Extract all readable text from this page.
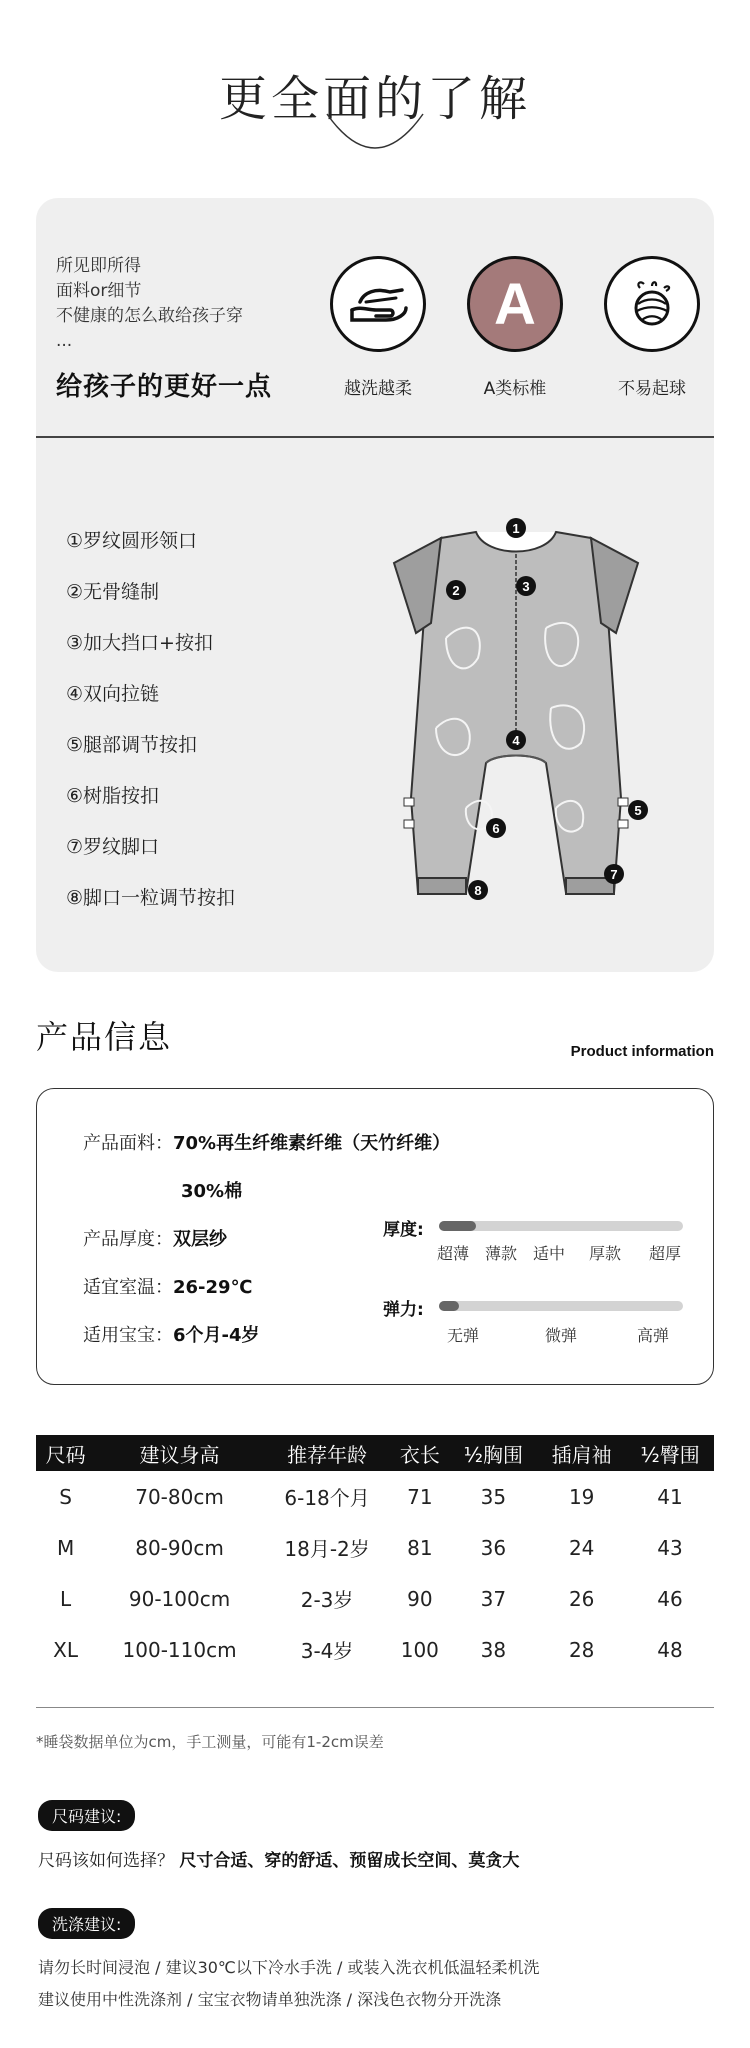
更全面的了解
所见即所得
面料or细节
不健康的怎么敢给孩子穿
...
给孩子的更好一点	越洗越柔
A
A类标椎	不易起球
①罗纹圆形领口
②无骨缝制
③加大挡口+按扣
④双向拉链
⑤腿部调节按扣
⑥树脂按扣
⑦罗纹脚口
⑧脚口一粒调节按扣
1
2	3
4
5
6
7
8
产品信息	Product information
产品面料：70%再生纤维素纤维（天竹纤维）
30%棉
产品厚度：双层纱
适宜室温：26-29℃
适用宝宝：6个月-4岁
厚度:
超薄 薄款 适中 厚款 超厚
弹力:
无弹	微弹	高弹
尺码	建议身高	推荐年龄	衣长	½胸围	插肩袖	½臀围
S	70-80cm	6-18个月	71	35	19	41
M	80-90cm	18月-2岁	81	36	24	43
L	90-100cm	2-3岁	90	37	26	46
XL	100-110cm	3-4岁	100	38	28	48
*睡袋数据单位为cm，手工测量，可能有1-2cm误差
尺码建议:
尺码该如何选择？ 尺寸合适、穿的舒适、预留成长空间、莫贪大
洗涤建议:
请勿长时间浸泡 / 建议30℃以下冷水手洗 / 或装入洗衣机低温轻柔机洗
建议使用中性洗涤剂 / 宝宝衣物请单独洗涤 / 深浅色衣物分开洗涤
